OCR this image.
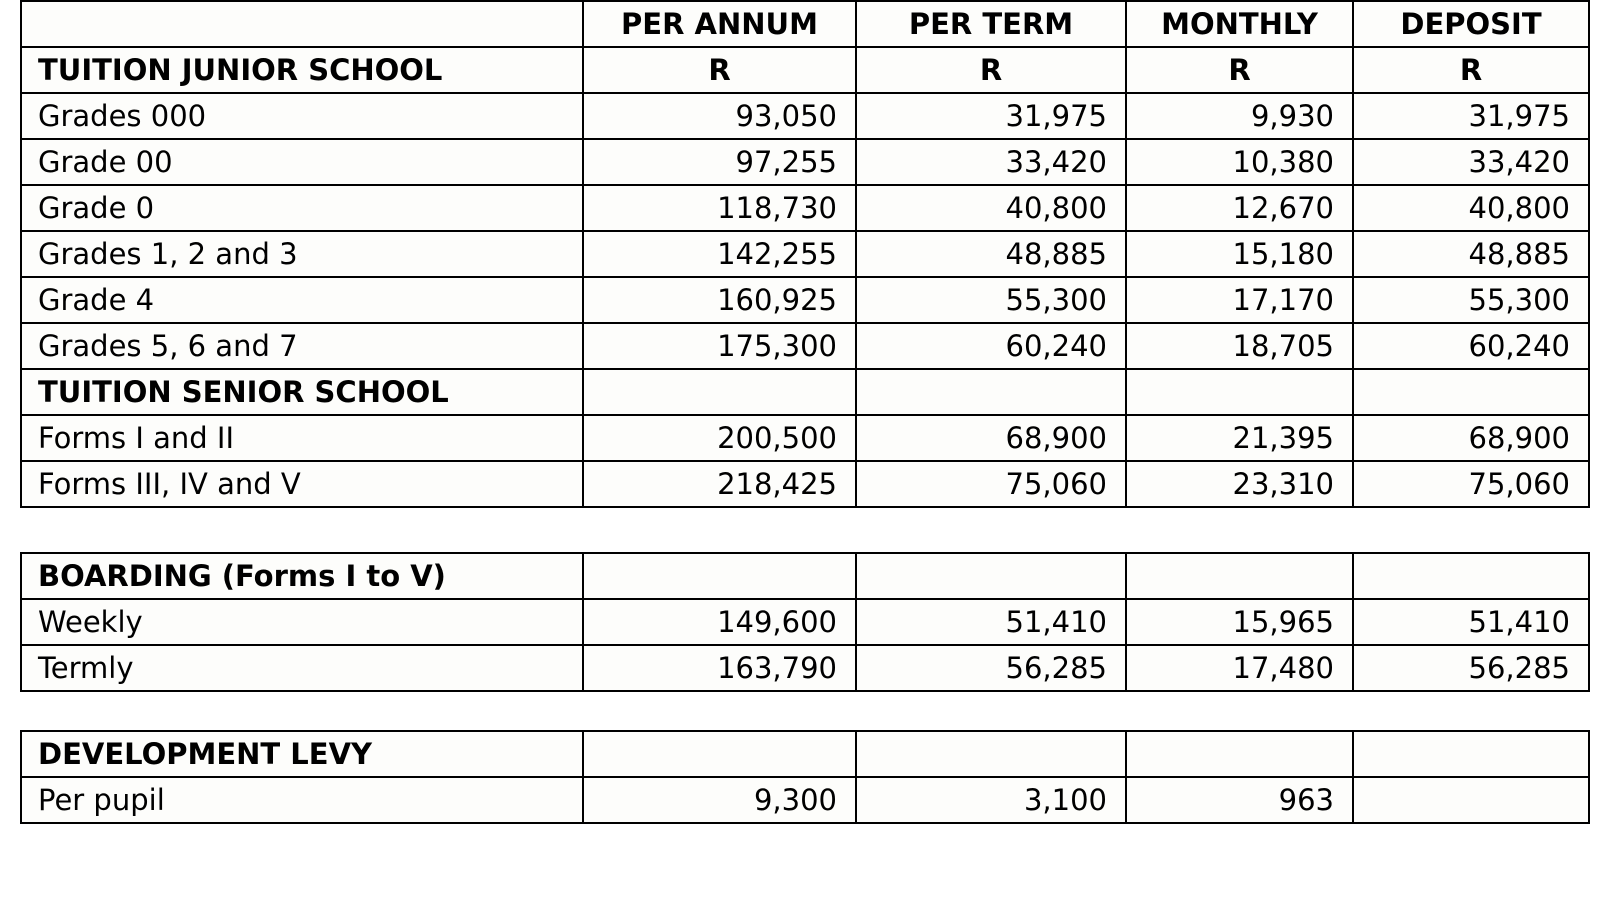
	PER ANNUM	PER TERM	MONTHLY	DEPOSIT
TUITION JUNIOR SCHOOL	R	R	R	R
Grades 000	93,050	31,975	9,930	31,975
Grade 00	97,255	33,420	10,380	33,420
Grade 0	118,730	40,800	12,670	40,800
Grades 1, 2 and 3	142,255	48,885	15,180	48,885
Grade 4	160,925	55,300	17,170	55,300
Grades 5, 6 and 7	175,300	60,240	18,705	60,240
TUITION SENIOR SCHOOL				
Forms I and II	200,500	68,900	21,395	68,900
Forms III, IV and V	218,425	75,060	23,310	75,060
BOARDING (Forms I to V)				
Weekly	149,600	51,410	15,965	51,410
Termly	163,790	56,285	17,480	56,285
DEVELOPMENT LEVY				
Per pupil	9,300	3,100	963	
